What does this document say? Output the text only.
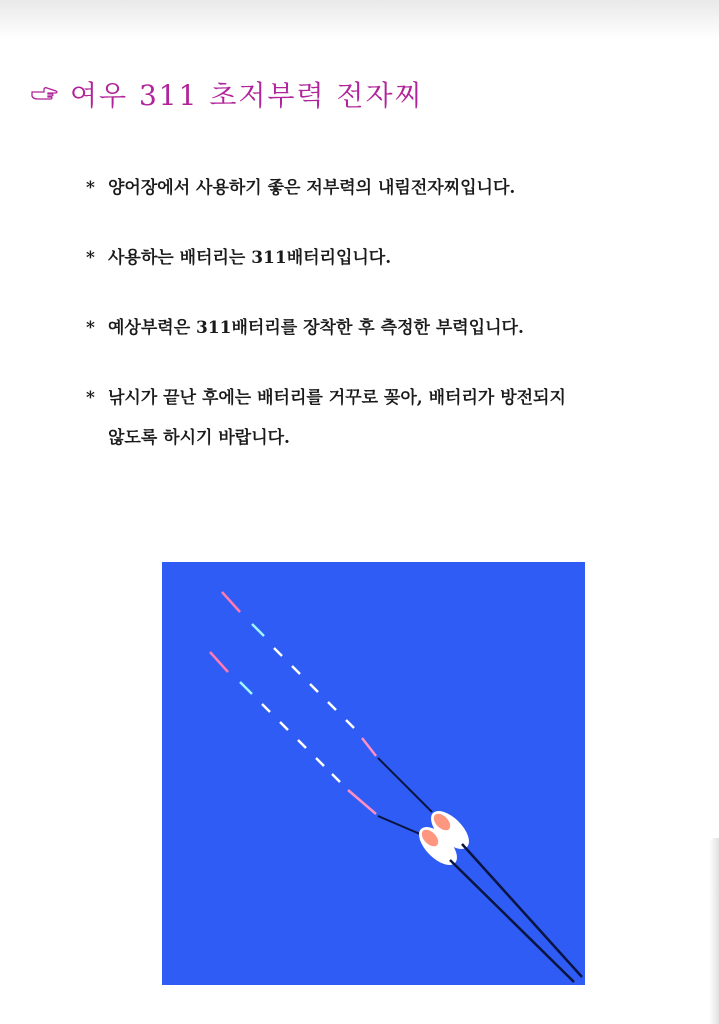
여우 311 초저부력 전자찌
* 양어장에서 사용하기 좋은 저부력의 내림전자찌입니다.
* 사용하는 배터리는 311배터리입니다.
* 예상부력은 311배터리를 장착한 후 측정한 부력입니다.
* 낚시가 끝난 후에는 배터리를 거꾸로 꽂아, 배터리가 방전되지
않도록 하시기 바랍니다.
